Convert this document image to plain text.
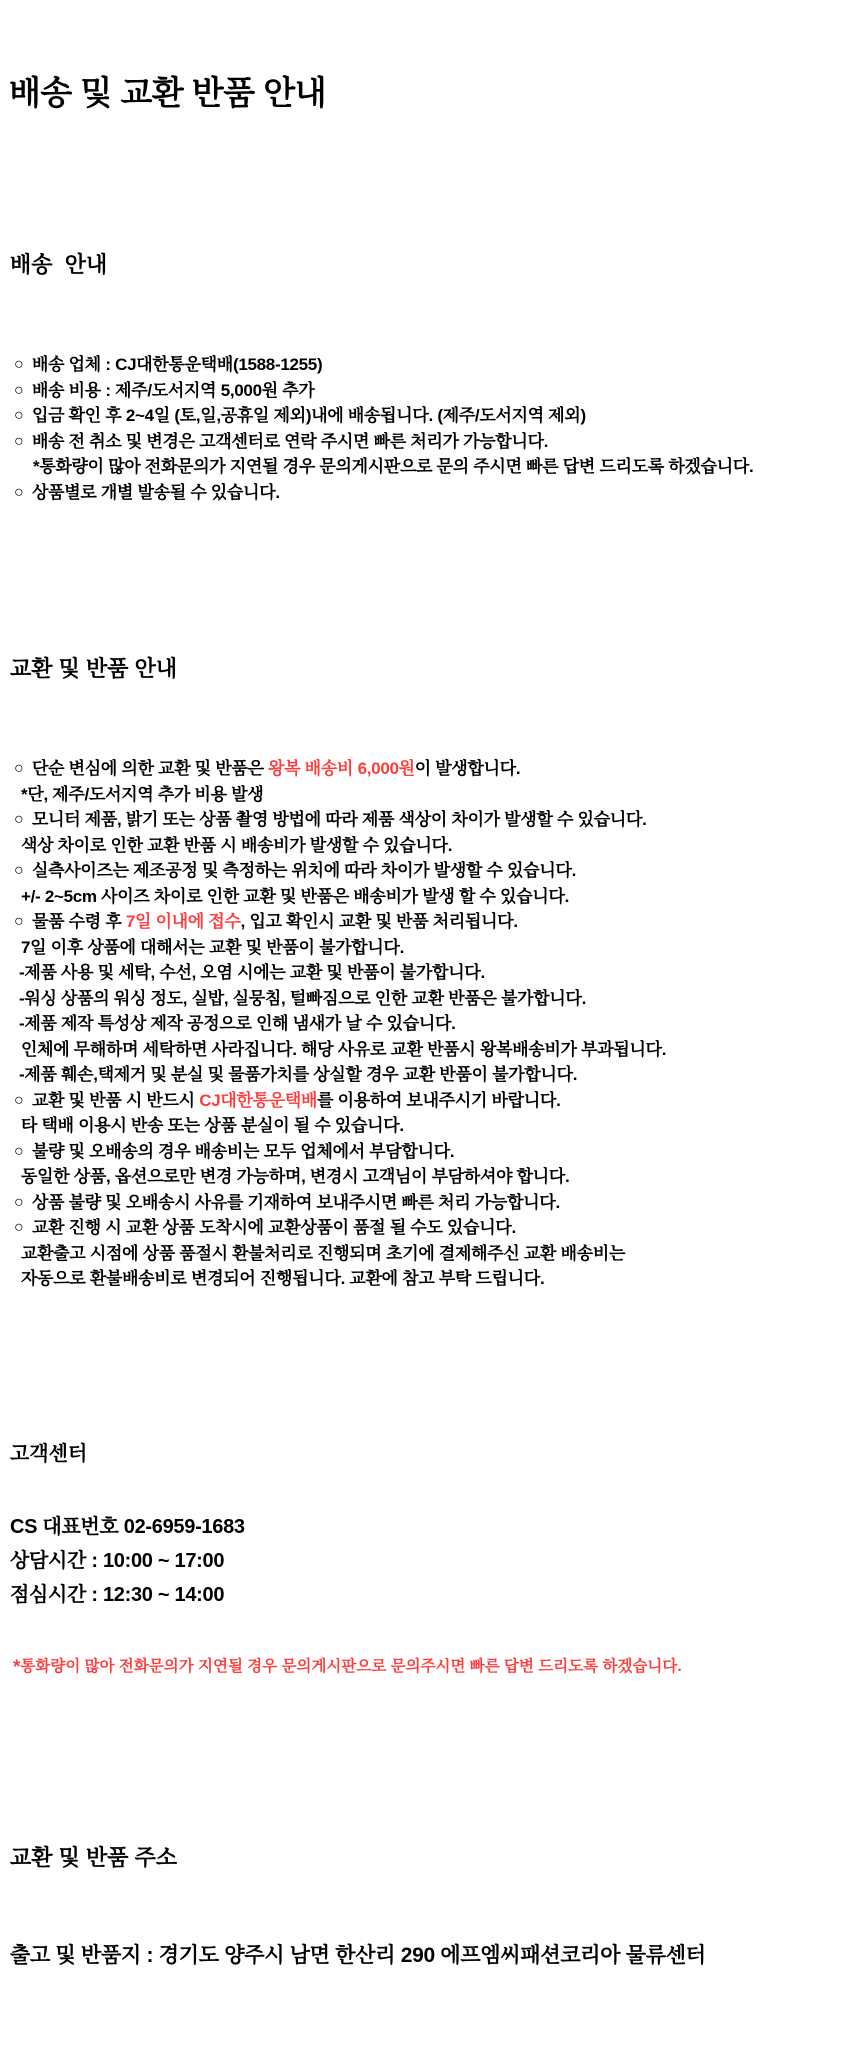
배송 및 교환 반품 안내

배송  안내

○ 배송 업체 : CJ대한통운택배(1588-1255)
○ 배송 비용 : 제주/도서지역 5,000원 추가
○ 입금 확인 후 2~4일 (토,일,공휴일 제외)내에 배송됩니다. (제주/도서지역 제외)
○ 배송 전 취소 및 변경은 고객센터로 연락 주시면 빠른 처리가 가능합니다.
*통화량이 많아 전화문의가 지연될 경우 문의게시판으로 문의 주시면 빠른 답변 드리도록 하겠습니다.
○ 상품별로 개별 발송될 수 있습니다.

교환 및 반품 안내

○ 단순 변심에 의한 교환 및 반품은 왕복 배송비 6,000원이 발생합니다.
*단, 제주/도서지역 추가 비용 발생
○ 모니터 제품, 밝기 또는 상품 촬영 방법에 따라 제품 색상이 차이가 발생할 수 있습니다.
색상 차이로 인한 교환 반품 시 배송비가 발생할 수 있습니다.
○ 실측사이즈는 제조공정 및 측정하는 위치에 따라 차이가 발생할 수 있습니다.
+/- 2~5cm 사이즈 차이로 인한 교환 및 반품은 배송비가 발생 할 수 있습니다.
○ 물품 수령 후 7일 이내에 접수, 입고 확인시 교환 및 반품 처리됩니다.
7일 이후 상품에 대해서는 교환 및 반품이 불가합니다.
-제품 사용 및 세탁, 수선, 오염 시에는 교환 및 반품이 불가합니다.
-워싱 상품의 워싱 정도, 실밥, 실뭉침, 털빠짐으로 인한 교환 반품은 불가합니다.
-제품 제작 특성상 제작 공정으로 인해 냄새가 날 수 있습니다.
인체에 무해하며 세탁하면 사라집니다. 해당 사유로 교환 반품시 왕복배송비가 부과됩니다.
-제품 훼손,택제거 및 분실 및 물품가치를 상실할 경우 교환 반품이 불가합니다.
○ 교환 및 반품 시 반드시 CJ대한통운택배를 이용하여 보내주시기 바랍니다.
타 택배 이용시 반송 또는 상품 분실이 될 수 있습니다.
○ 불량 및 오배송의 경우 배송비는 모두 업체에서 부담합니다.
동일한 상품, 옵션으로만 변경 가능하며, 변경시 고객님이 부담하셔야 합니다.
○ 상품 불량 및 오배송시 사유를 기재하여 보내주시면 빠른 처리 가능합니다.
○ 교환 진행 시 교환 상품 도착시에 교환상품이 품절 될 수도 있습니다.
교환출고 시점에 상품 품절시 환불처리로 진행되며 초기에 결제해주신 교환 배송비는
자동으로 환불배송비로 변경되어 진행됩니다. 교환에 참고 부탁 드립니다.

고객센터

CS 대표번호 02-6959-1683
상담시간 : 10:00 ~ 17:00
점심시간 : 12:30 ~ 14:00

*통화량이 많아 전화문의가 지연될 경우 문의게시판으로 문의주시면 빠른 답변 드리도록 하겠습니다.

교환 및 반품 주소

출고 및 반품지 : 경기도 양주시 남면 한산리 290 에프엠씨패션코리아 물류센터
